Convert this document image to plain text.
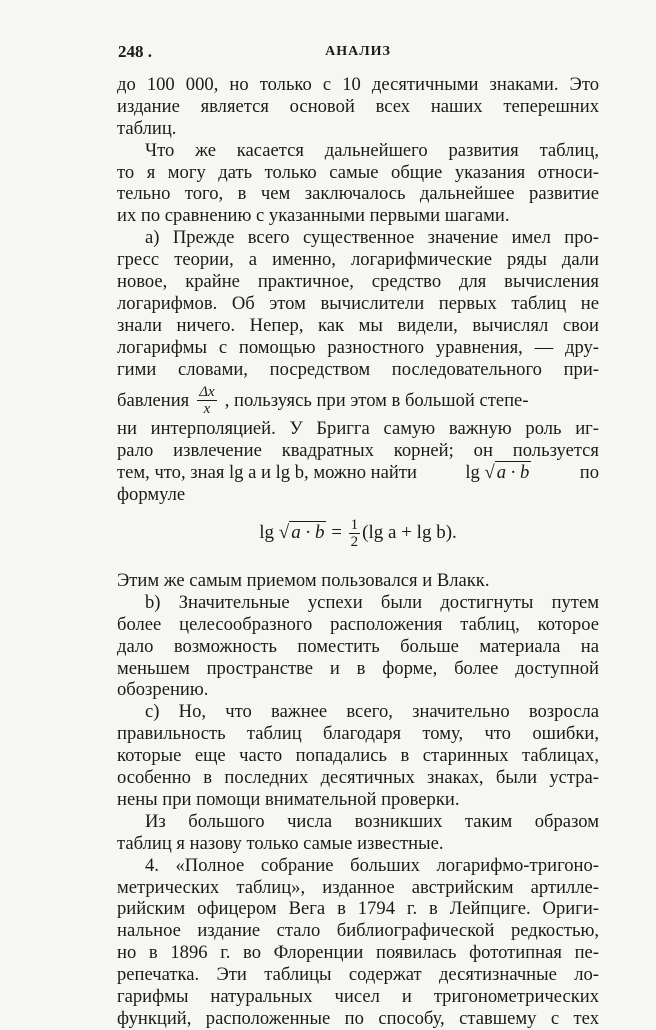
248 .	АНАЛИЗ
до 100 000, но только с 10 десятичными знаками. Это
издание является основой всех наших теперешних
таблиц.
Что же касается дальнейшего развития таблиц,
то я могу дать только самые общие указания относи-
тельно того, в чем заключалось дальнейшее развитие
их по сравнению с указанными первыми шагами.
a) Прежде всего существенное значение имел про-
гресс теории, а именно, логарифмические ряды дали
новое, крайне практичное, средство для вычисления
логарифмов. Об этом вычислители первых таблиц не
знали ничего. Непер, как мы видели, вычислял свои
логарифмы с помощью разностного уравнения, — дру-
гими словами, посредством последовательного при-
бавления $\frac{\Delta x}{x}$ , пользуясь при этом в большой степе-
ни интерполяцией. У Бригга самую важную роль иг-
рало извлечение квадратных корней; он пользуется
тем, что, зная lg a и lg b, можно найти	lg √ a · b	по
формуле
lg √ a · b
=
$\frac{1}{2} (\lg$ a + lg b).
Этим же самым приемом пользовался и Влакк.
b) Значительные успехи были достигнуты путем
более целесообразного расположения таблиц, которое
дало возможность поместить больше материала на
меньшем пространстве и в форме, более доступной
обозрению.
c) Но, что важнее всего, значительно возросла
правильность таблиц благодаря тому, что ошибки,
которые еще часто попадались в старинных таблицах,
особенно в последних десятичных знаках, были устра-
нены при помощи внимательной проверки.
Из большого числа возникших таким образом
таблиц я назову только самые известные.
4. «Полное собрание больших логарифмо-тригоно-
метрических таблиц», изданное австрийским артилле-
рийским офицером Вега в 1794 г. в Лейпциге. Ориги-
нальное издание стало библиографической редкостью,
но в 1896 г. во Флоренции появилась фототипная пе-
репечатка. Эти таблицы содержат десятизначные ло-
гарифмы натуральных чисел и тригонометрических
функций, расположенные по способу, ставшему с тех
